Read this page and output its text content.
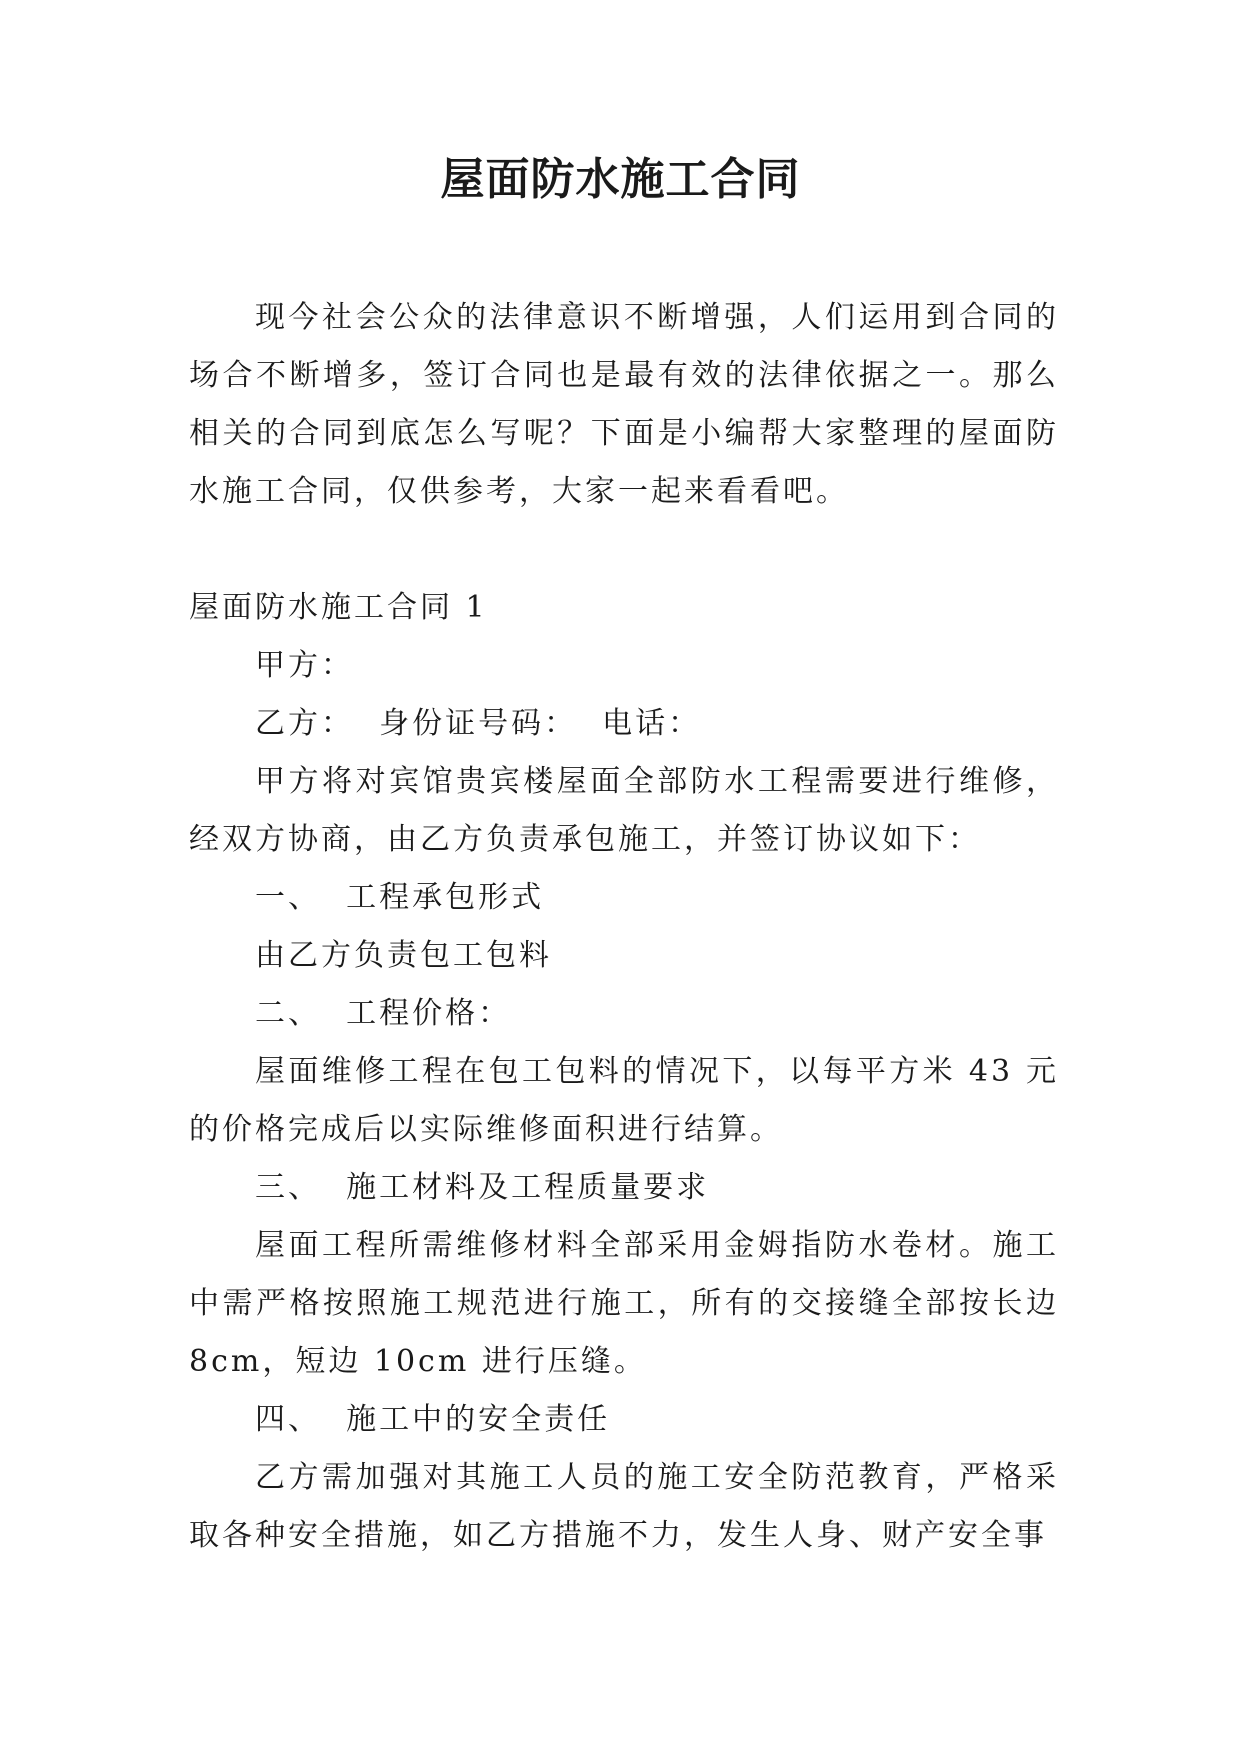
屋面防水施工合同

现今社会公众的法律意识不断增强，人们运用到合同的场合不断增多，签订合同也是最有效的法律依据之一。那么相关的合同到底怎么写呢？下面是小编帮大家整理的屋面防水施工合同，仅供参考，大家一起来看看吧。

屋面防水施工合同 1

甲方：

乙方：  身份证号码：  电话：

甲方将对宾馆贵宾楼屋面全部防水工程需要进行维修，经双方协商，由乙方负责承包施工，并签订协议如下：

一、  工程承包形式

由乙方负责包工包料

二、  工程价格：

屋面维修工程在包工包料的情况下，以每平方米 43 元的价格完成后以实际维修面积进行结算。

三、  施工材料及工程质量要求

屋面工程所需维修材料全部采用金姆指防水卷材。施工中需严格按照施工规范进行施工，所有的交接缝全部按长边 8cm，短边 10cm 进行压缝。

四、  施工中的安全责任

乙方需加强对其施工人员的施工安全防范教育，严格采取各种安全措施，如乙方措施不力，发生人身、财产安全事
